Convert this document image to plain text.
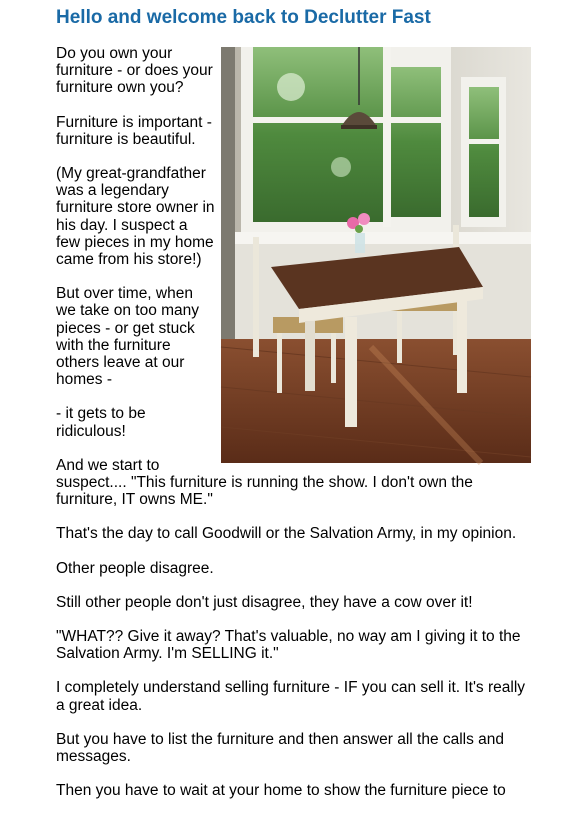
Hello and welcome back to Declutter Fast

Do you own your furniture - or does your furniture own you?

Furniture is important - furniture is beautiful.

(My great-grandfather was a legendary furniture store owner in his day. I suspect a few pieces in my home came from his store!)

But over time, when we take on too many pieces - or get stuck with the furniture others leave at our homes -

- it gets to be ridiculous!

And we start to suspect.... "This furniture is running the show. I don't own the furniture, IT owns ME."

That's the day to call Goodwill or the Salvation Army, in my opinion.

Other people disagree.

Still other people don't just disagree, they have a cow over it!

"WHAT?? Give it away? That's valuable, no way am I giving it to the Salvation Army. I'm SELLING it."

I completely understand selling furniture - IF you can sell it. It's really a great idea.

But you have to list the furniture and then answer all the calls and messages.

Then you have to wait at your home to show the furniture piece to
